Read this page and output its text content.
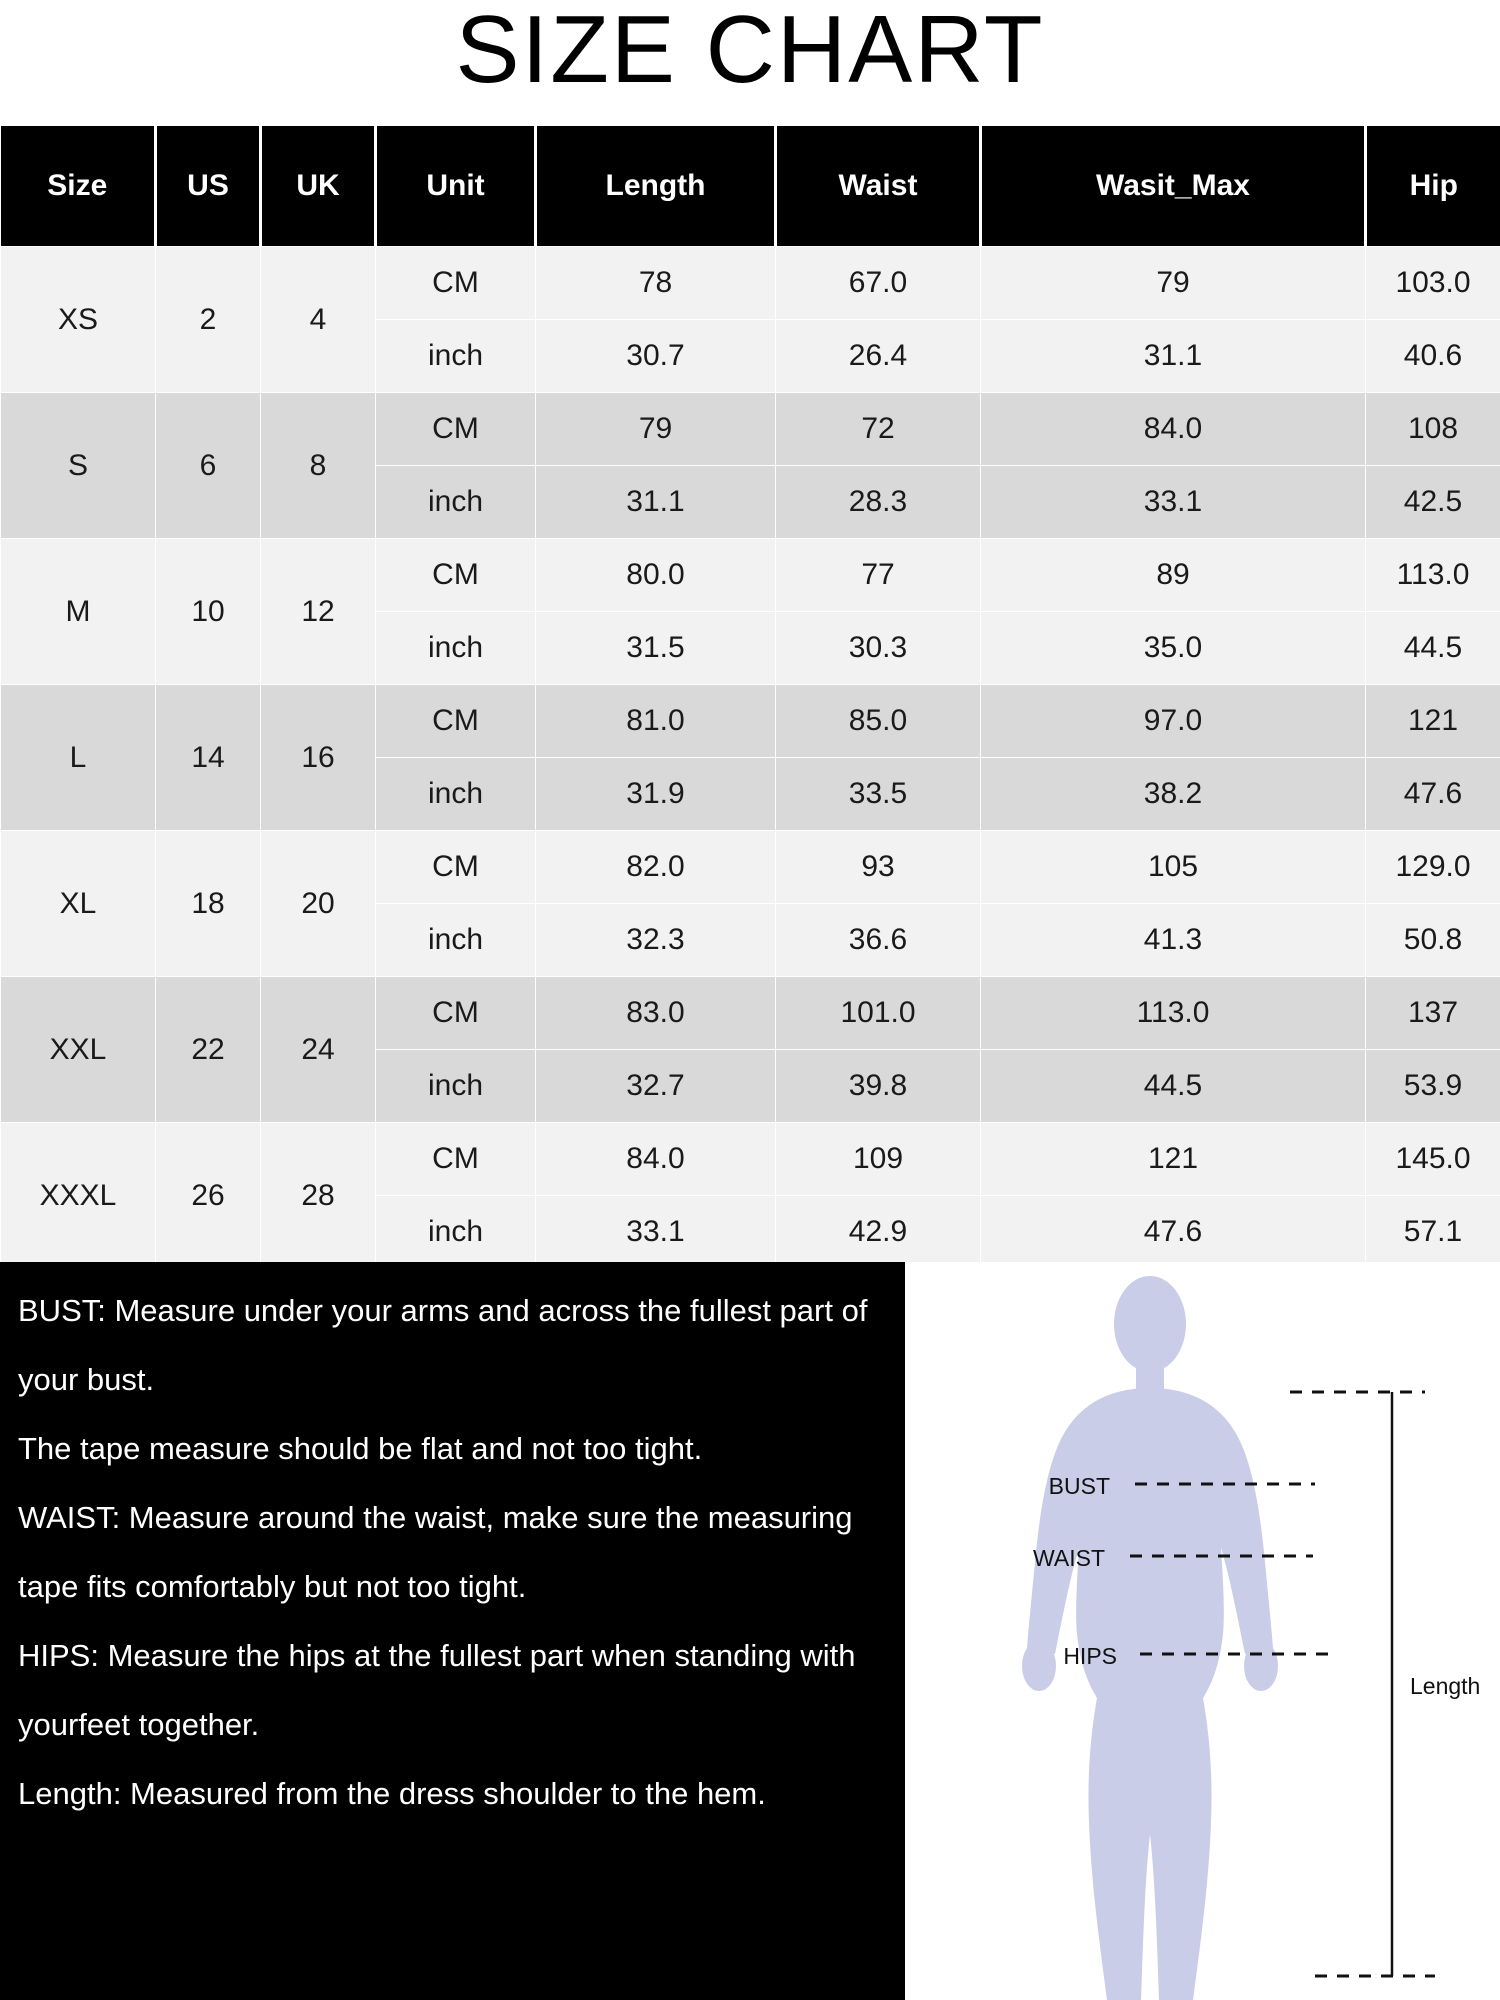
SIZE CHART
Size	US	UK	Unit	Length	Waist	Wasit_Max	Hip
XS	2	4	CM	78	67.0	79	103.0
			inch	30.7	26.4	31.1	40.6
S	6	8	CM	79	72	84.0	108
			inch	31.1	28.3	33.1	42.5
M	10	12	CM	80.0	77	89	113.0
			inch	31.5	30.3	35.0	44.5
L	14	16	CM	81.0	85.0	97.0	121
			inch	31.9	33.5	38.2	47.6
XL	18	20	CM	82.0	93	105	129.0
			inch	32.3	36.6	41.3	50.8
XXL	22	24	CM	83.0	101.0	113.0	137
			inch	32.7	39.8	44.5	53.9
XXXL	26	28	CM	84.0	109	121	145.0
			inch	33.1	42.9	47.6	57.1

BUST: Measure under your arms and across the fullest part of your bust.

The tape measure should be flat and not too tight.

WAIST: Measure around the waist, make sure the measuring tape fits comfortably but not too tight.

HIPS: Measure the hips at the fullest part when standing with yourfeet together.

Length: Measured from the dress shoulder to the hem.

BUST
WAIST
HIPS
Length
